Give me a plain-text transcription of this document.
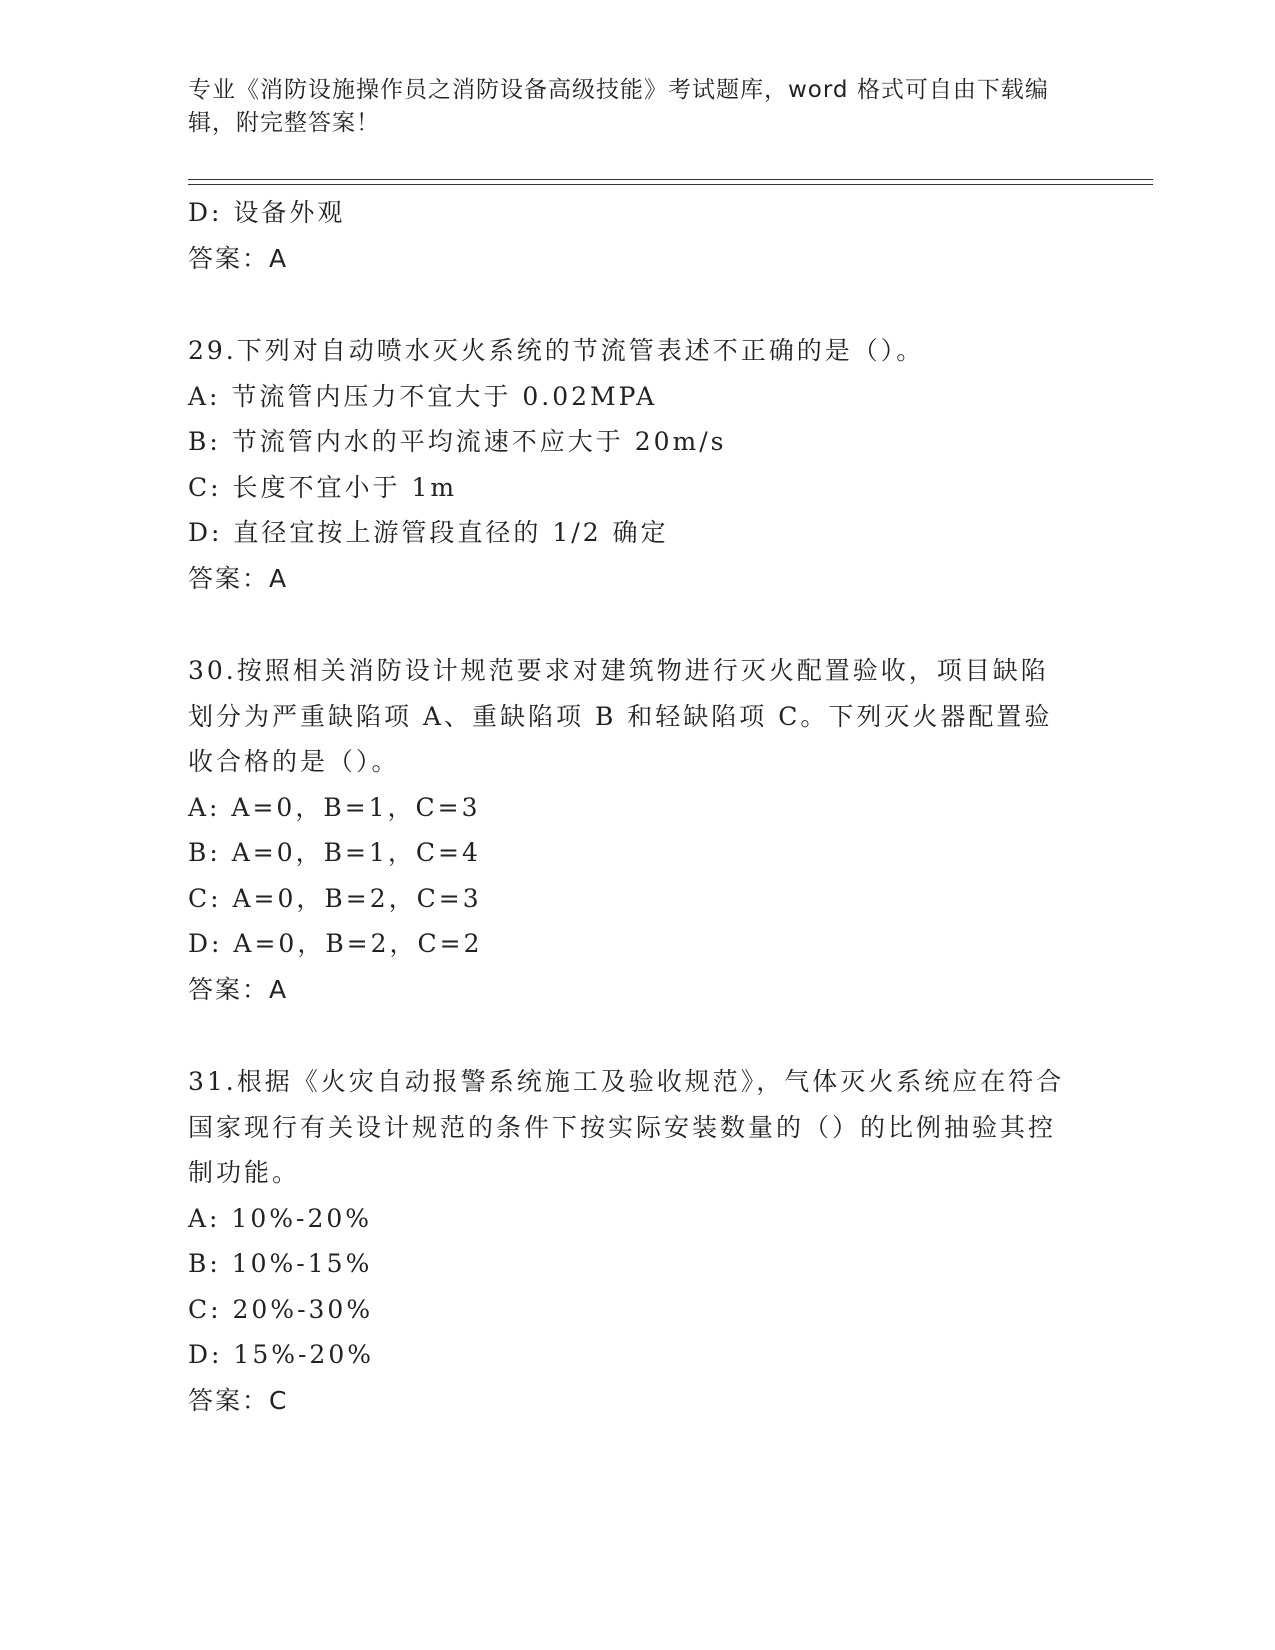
专业《消防设施操作员之消防设备高级技能》考试题库，word 格式可自由下载编辑，附完整答案！
D: 设备外观
答案：A
29.下列对自动喷水灭火系统的节流管表述不正确的是（）。
A: 节流管内压力不宜大于 0.02MPA
B: 节流管内水的平均流速不应大于 20m/s
C: 长度不宜小于 1m
D: 直径宜按上游管段直径的 1/2 确定
答案：A
30.按照相关消防设计规范要求对建筑物进行灭火配置验收，项目缺陷划分为严重缺陷项 A、重缺陷项 B 和轻缺陷项 C。下列灭火器配置验收合格的是（）。
A: A=0，B=1，C=3
B: A=0，B=1，C=4
C: A=0，B=2，C=3
D: A=0，B=2，C=2
答案：A
31.根据《火灾自动报警系统施工及验收规范》，气体灭火系统应在符合国家现行有关设计规范的条件下按实际安装数量的（）的比例抽验其控制功能。
A: 10%-20%
B: 10%-15%
C: 20%-30%
D: 15%-20%
答案：C
